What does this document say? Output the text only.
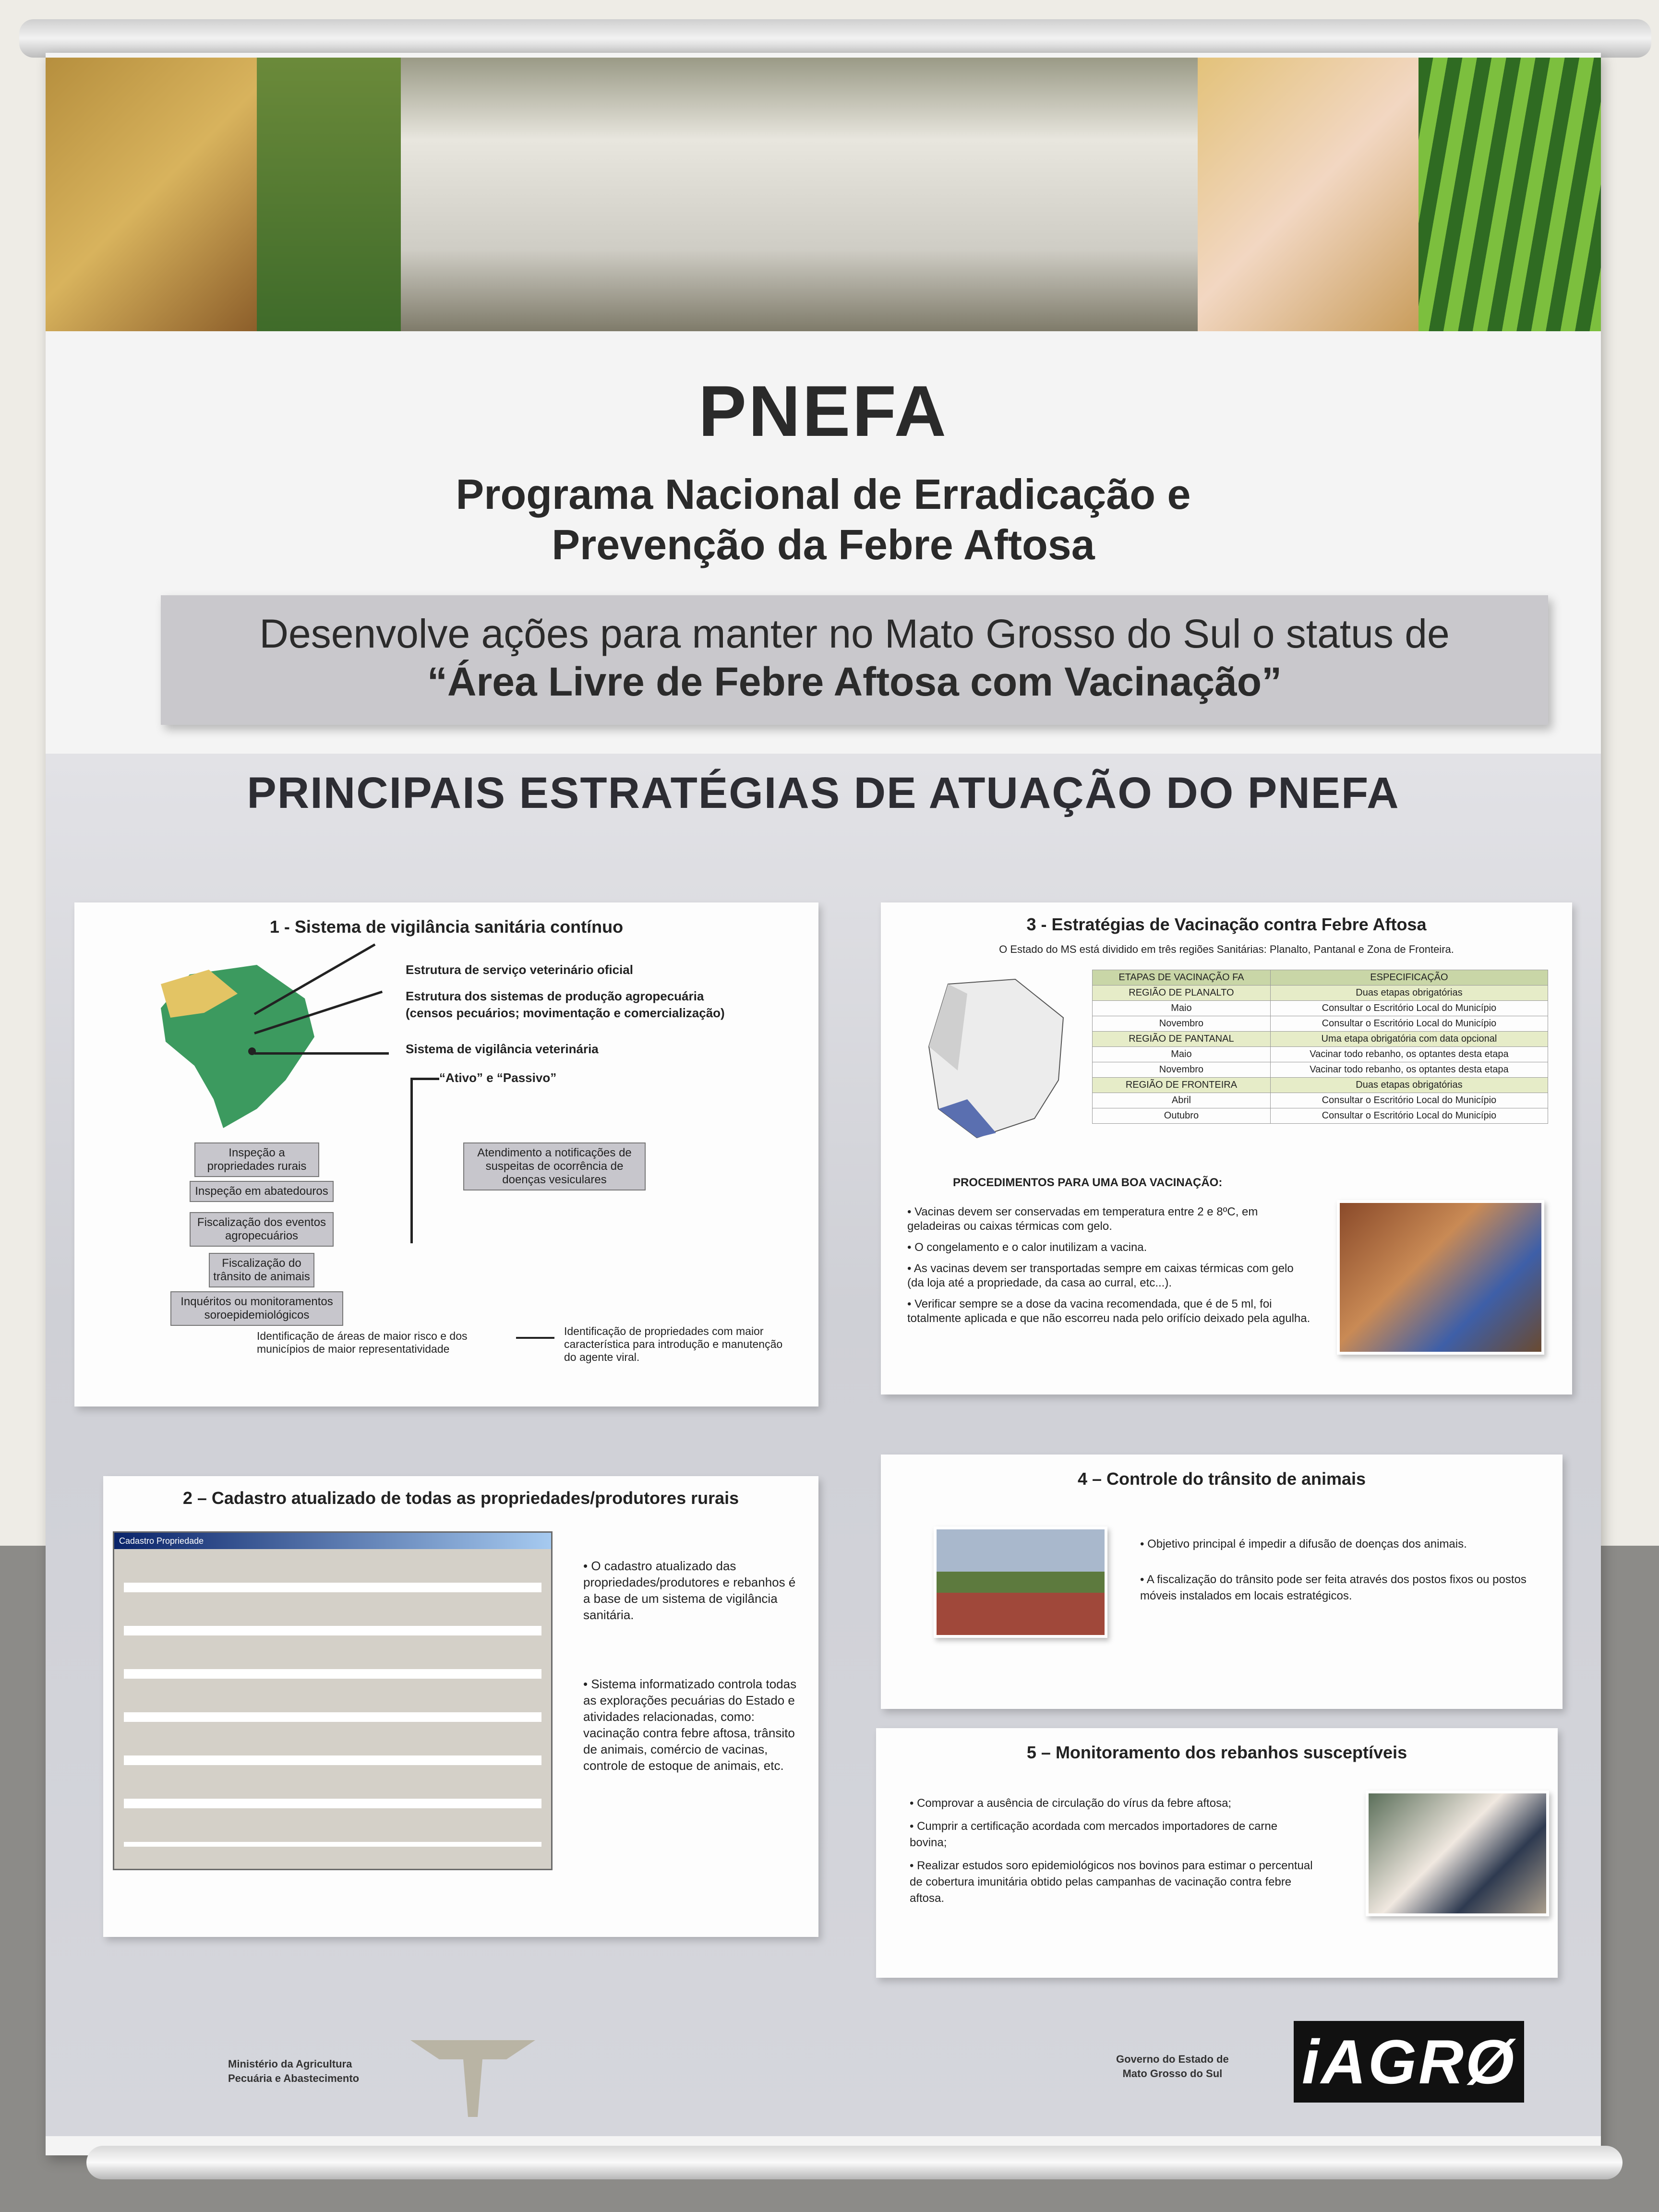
PNEFA
Programa Nacional de Erradicação e
Prevenção da Febre Aftosa
Desenvolve ações para manter no Mato Grosso do Sul o status de
“Área Livre de Febre Aftosa com Vacinação”
PRINCIPAIS ESTRATÉGIAS DE ATUAÇÃO DO PNEFA
1 - Sistema de vigilância sanitária contínuo
Estrutura de serviço veterinário oficial
Estrutura dos sistemas de produção agropecuária
(censos pecuários; movimentação e comercialização)
Sistema de vigilância veterinária
“Ativo” e “Passivo”
Inspeção a propriedades rurais
Inspeção em abatedouros
Fiscalização dos eventos agropecuários
Fiscalização do trânsito de animais
Inquéritos ou monitoramentos soroepidemiológicos
Atendimento a notificações de suspeitas de ocorrência de doenças vesiculares
Identificação de áreas de maior risco e dos municípios de maior representatividade
Identificação de propriedades com maior característica para introdução e manutenção do agente viral.
2 – Cadastro atualizado de todas as propriedades/produtores rurais

• O cadastro atualizado das propriedades/produtores e rebanhos é a base de um sistema de vigilância sanitária.

• Sistema informatizado controla todas as explorações pecuárias do Estado e atividades relacionadas, como: vacinação contra febre aftosa, trânsito de animais, comércio de vacinas, controle de estoque de animais, etc.

Cadastro Propriedade
3 - Estratégias de Vacinação contra Febre Aftosa
O Estado do MS está dividido em três regiões Sanitárias: Planalto, Pantanal e Zona de Fronteira.
ETAPAS DE VACINAÇÃO FA	ESPECIFICAÇÃO
REGIÃO DE PLANALTO	Duas etapas obrigatórias
Maio	Consultar o Escritório Local do Município
Novembro	Consultar o Escritório Local do Município
REGIÃO DE PANTANAL	Uma etapa obrigatória com data opcional
Maio	Vacinar todo rebanho, os optantes desta etapa
Novembro	Vacinar todo rebanho, os optantes desta etapa
REGIÃO DE FRONTEIRA	Duas etapas obrigatórias
Abril	Consultar o Escritório Local do Município
Outubro	Consultar o Escritório Local do Município
PROCEDIMENTOS PARA UMA BOA VACINAÇÃO:

• Vacinas devem ser conservadas em temperatura entre 2 e 8ºC, em geladeiras ou caixas térmicas com gelo.

• O congelamento e o calor inutilizam a vacina.

• As vacinas devem ser transportadas sempre em caixas térmicas com gelo (da loja até a propriedade, da casa ao curral, etc...).

• Verificar sempre se a dose da vacina recomendada, que é de 5 ml, foi totalmente aplicada e que não escorreu nada pelo orifício deixado pela agulha.

4 – Controle do trânsito de animais

• Objetivo principal é impedir a difusão de doenças dos animais.

• A fiscalização do trânsito pode ser feita através dos postos fixos ou postos móveis instalados em locais estratégicos.

5 – Monitoramento dos rebanhos susceptíveis

• Comprovar a ausência de circulação do vírus da febre aftosa;

• Cumprir a certificação acordada com mercados importadores de carne bovina;

• Realizar estudos soro epidemiológicos nos bovinos para estimar o percentual de cobertura imunitária obtido pelas campanhas de vacinação contra febre aftosa.

Ministério da Agricultura
Pecuária e Abastecimento
Governo do Estado de
Mato Grosso do Sul iAGRØ
